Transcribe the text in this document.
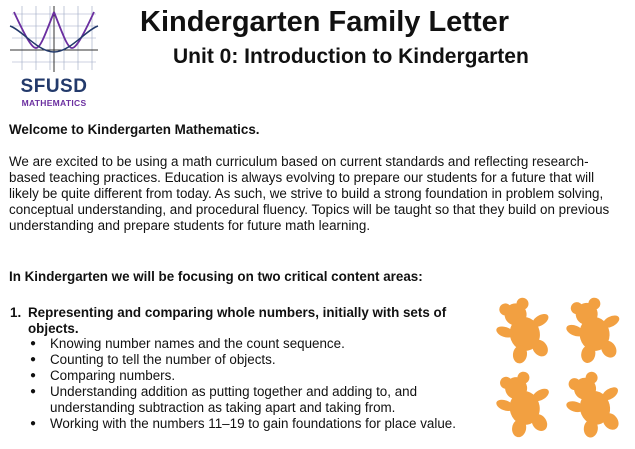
SFUSD
MATHEMATICS
Kindergarten Family Letter
Unit 0: Introduction to Kindergarten
Welcome to Kindergarten Mathematics.
We are excited to be using a math curriculum based on current standards and reflecting research-based teaching practices. Education is always evolving to prepare our students for a future that will likely be quite different from today. As such, we strive to build a strong foundation in problem solving, conceptual understanding, and procedural fluency. Topics will be taught so that they build on previous understanding and prepare students for future math learning.
In Kindergarten we will be focusing on two critical content areas:
1. Representing and comparing whole numbers, initially with sets of objects.
● Knowing number names and the count sequence.
● Counting to tell the number of objects.
● Comparing numbers.
● Understanding addition as putting together and adding to, and understanding subtraction as taking apart and taking from.
● Working with the numbers 11–19 to gain foundations for place value.
